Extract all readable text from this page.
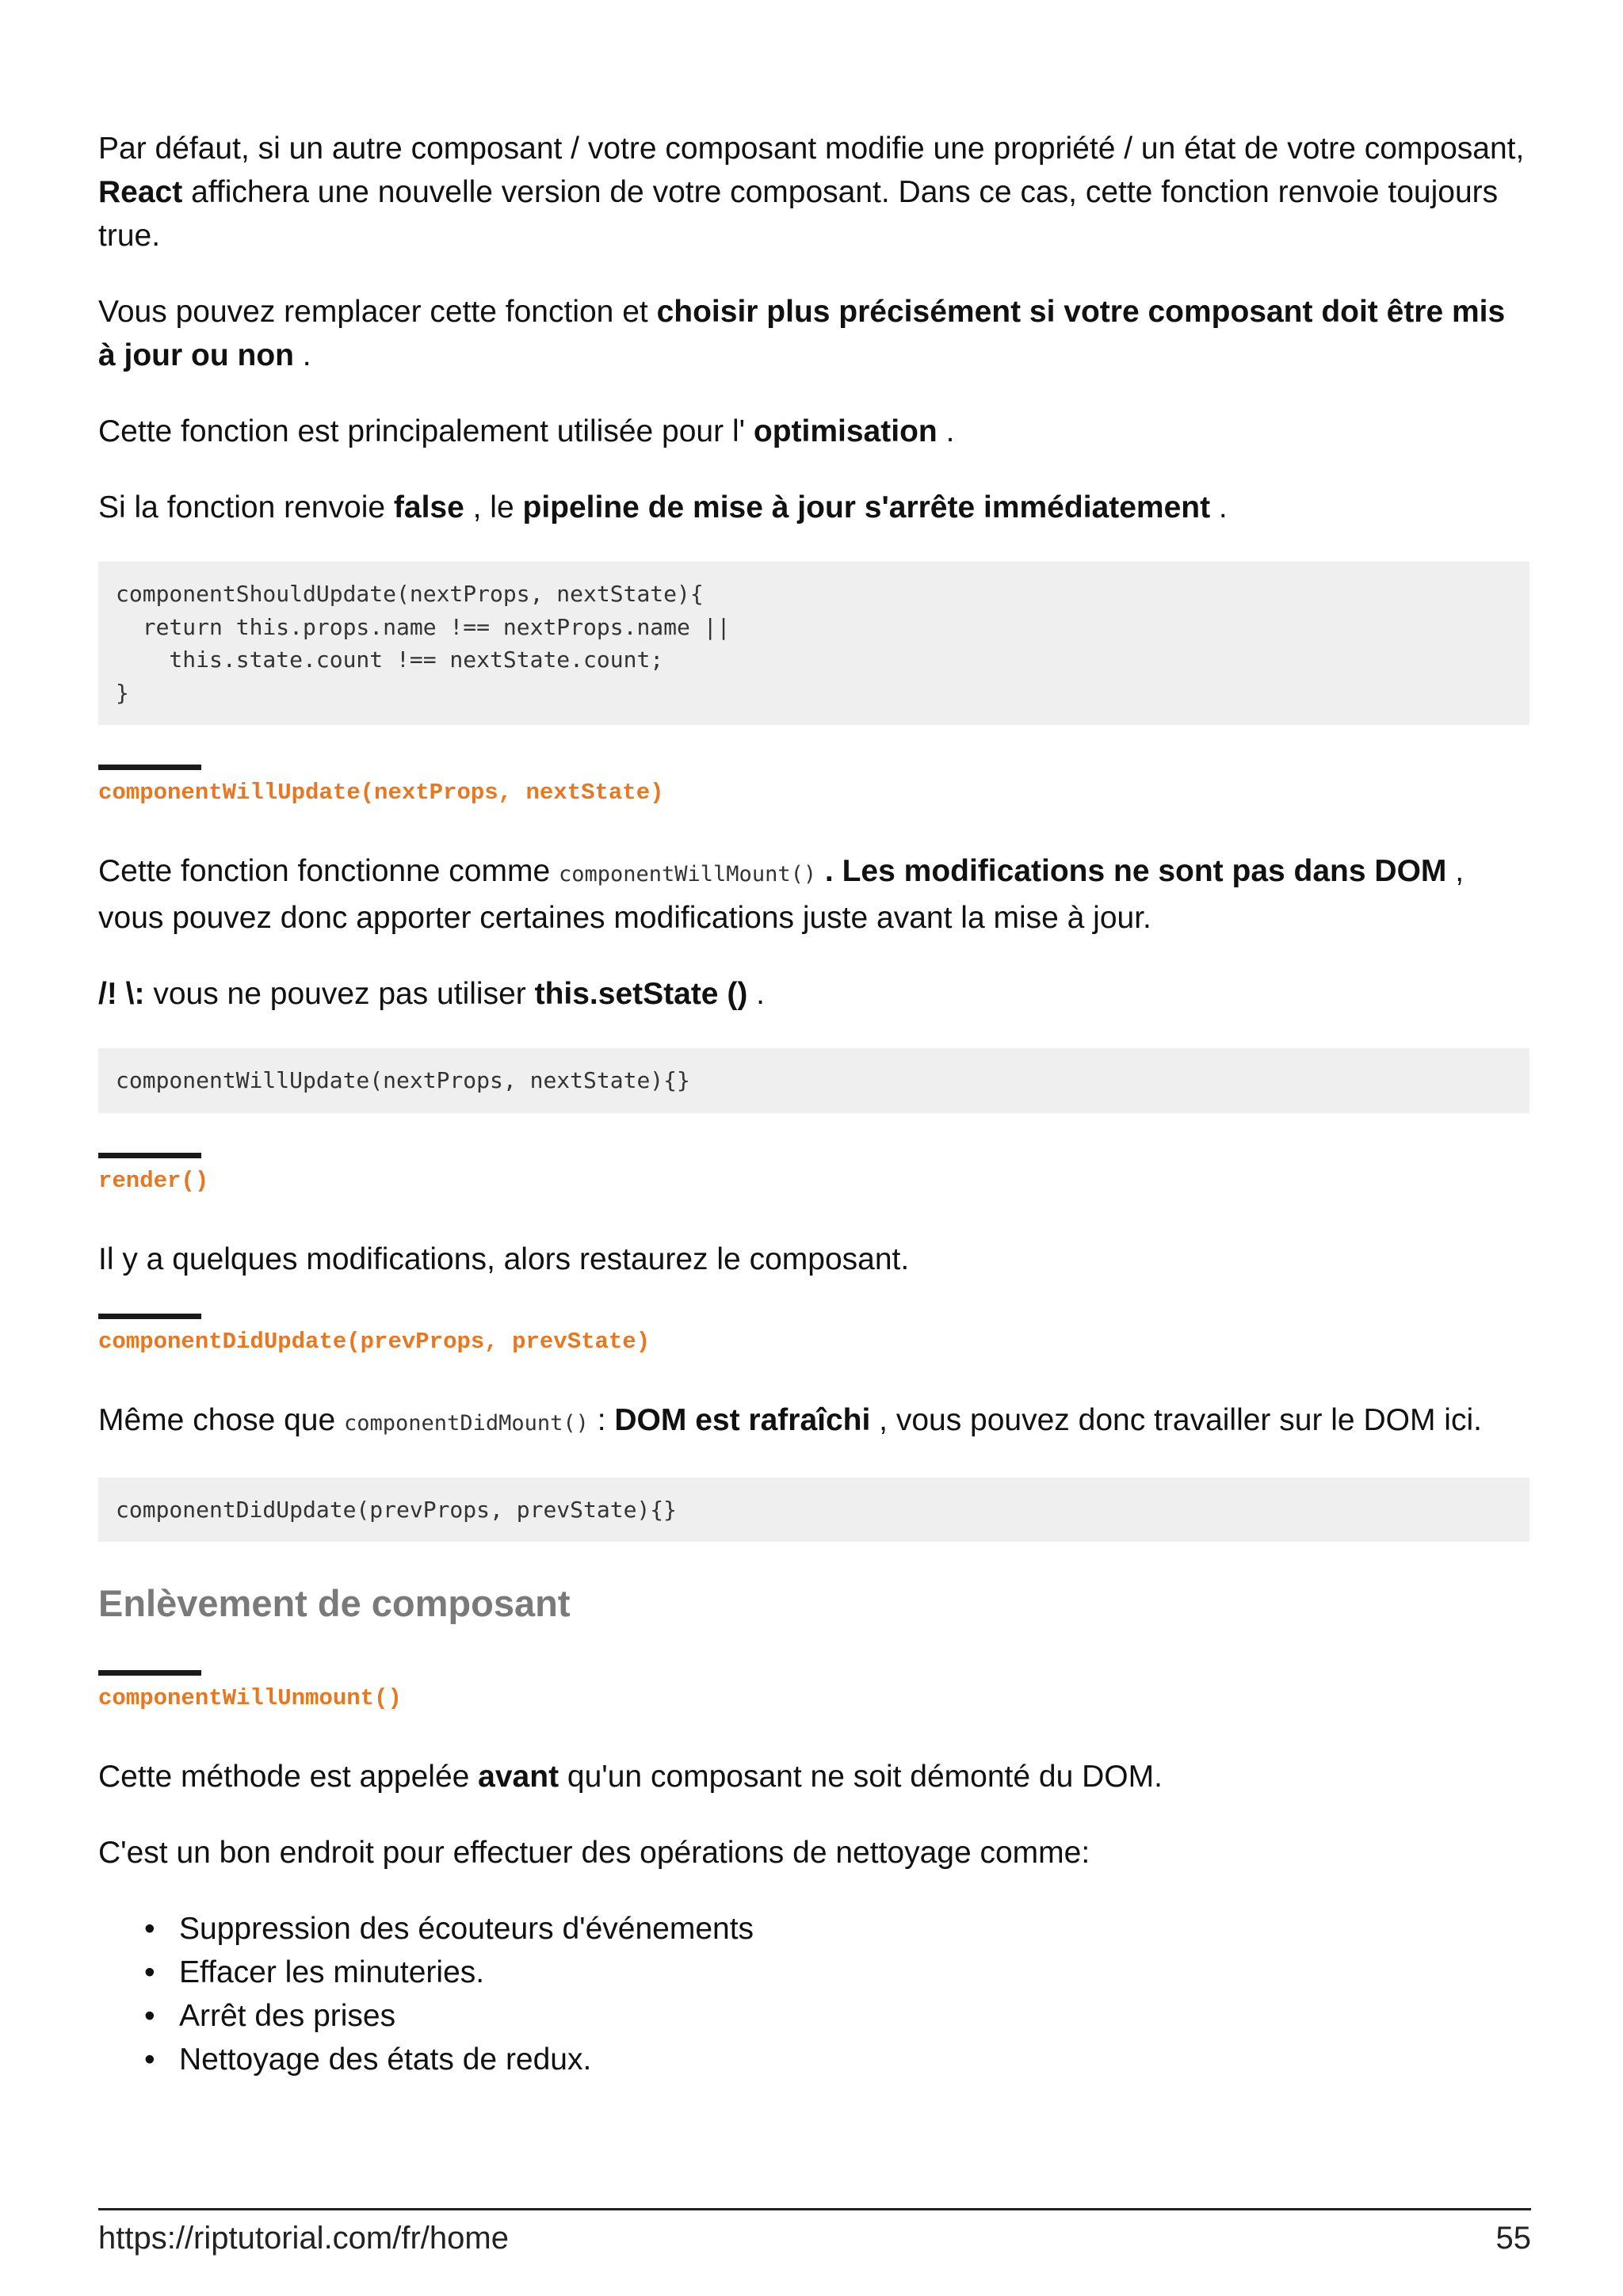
Par défaut, si un autre composant / votre composant modifie une propriété / un état de votre composant, React affichera une nouvelle version de votre composant. Dans ce cas, cette fonction renvoie toujours true.

Vous pouvez remplacer cette fonction et choisir plus précisément si votre composant doit être mis à jour ou non .

Cette fonction est principalement utilisée pour l' optimisation .

Si la fonction renvoie false , le pipeline de mise à jour s'arrête immédiatement .

componentShouldUpdate(nextProps, nextState){
return this.props.name !== nextProps.name ||
this.state.count !== nextState.count;
}
componentWillUpdate(nextProps, nextState)

Cette fonction fonctionne comme componentWillMount() . Les modifications ne sont pas dans DOM , vous pouvez donc apporter certaines modifications juste avant la mise à jour.

/! \: vous ne pouvez pas utiliser this.setState () .

componentWillUpdate(nextProps, nextState){}
render()

Il y a quelques modifications, alors restaurez le composant.

componentDidUpdate(prevProps, prevState)

Même chose que componentDidMount() : DOM est rafraîchi , vous pouvez donc travailler sur le DOM ici.

componentDidUpdate(prevProps, prevState){}
Enlèvement de composant
componentWillUnmount()

Cette méthode est appelée avant qu'un composant ne soit démonté du DOM.

C'est un bon endroit pour effectuer des opérations de nettoyage comme:

• Suppression des écouteurs d'événements
• Effacer les minuteries.
• Arrêt des prises
• Nettoyage des états de redux.
https://riptutorial.com/fr/home	55
